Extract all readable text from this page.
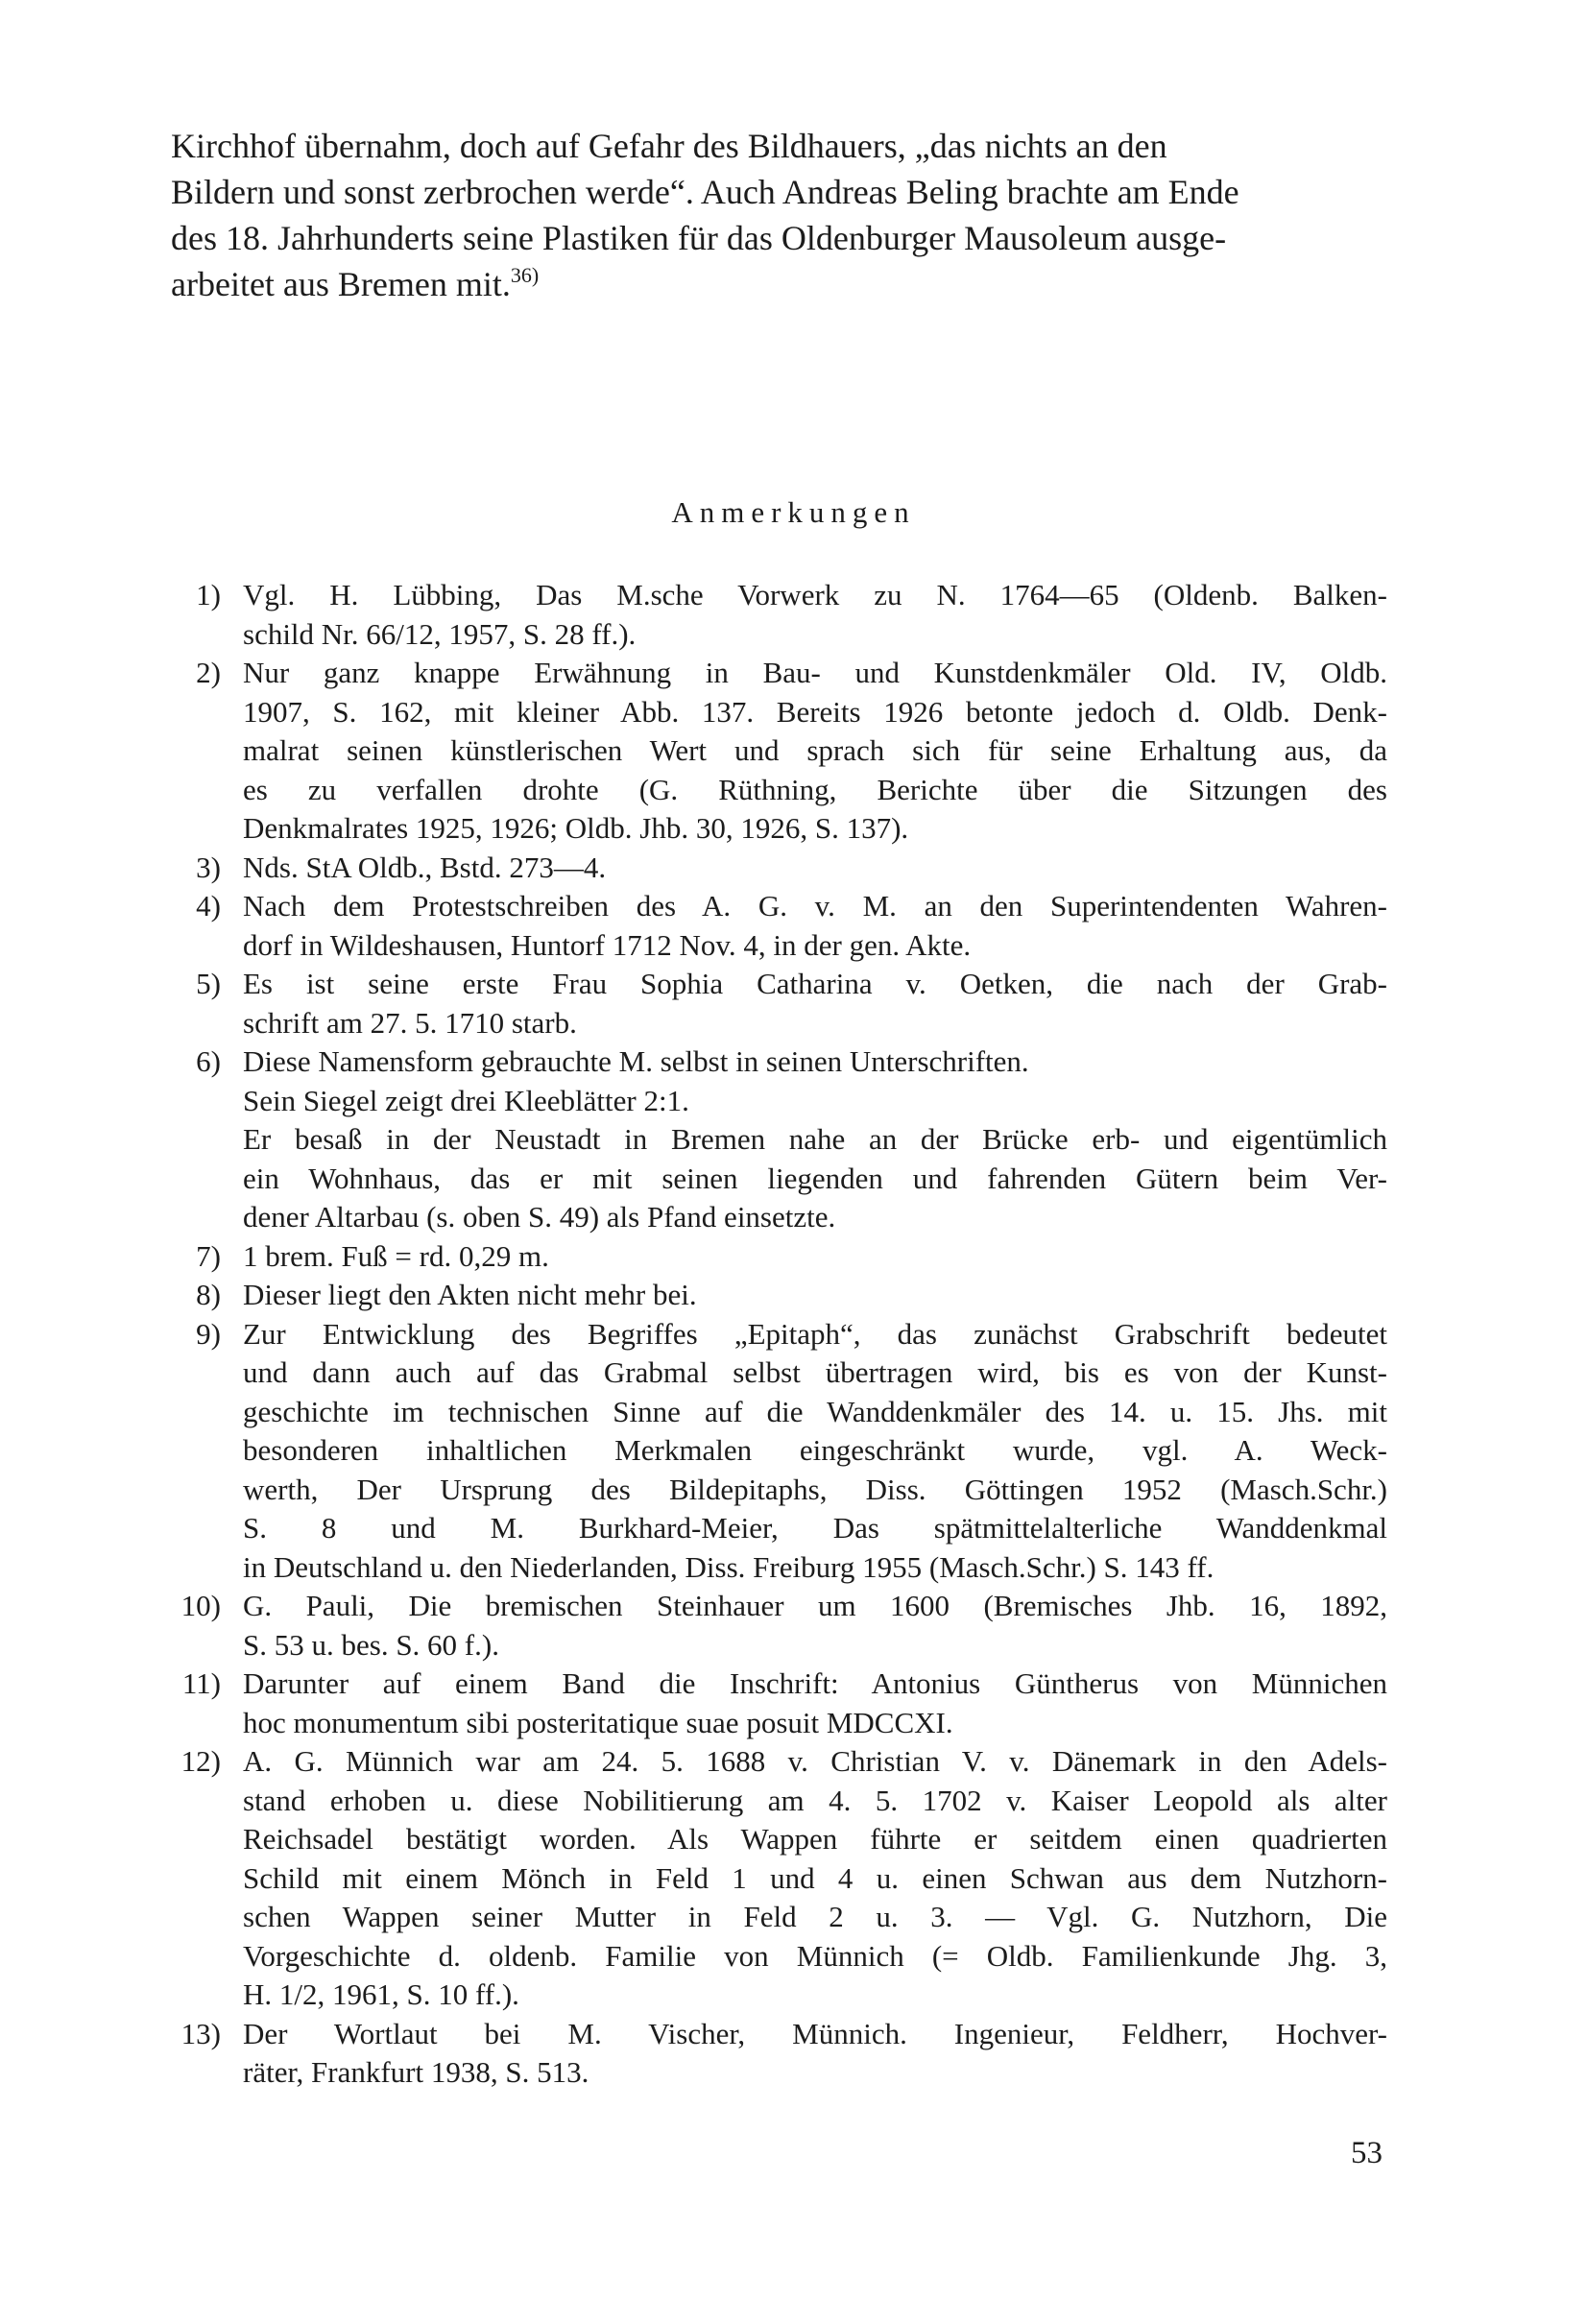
Kirchhof übernahm, doch auf Gefahr des Bildhauers, „das nichts an den
Bildern und sonst zerbrochen werde“. Auch Andreas Beling brachte am Ende
des 18. Jahrhunderts seine Plastiken für das Oldenburger Mausoleum ausge-
arbeitet aus Bremen mit.$^{36)}$

Anmerkungen
1) Vgl. H. Lübbing, Das M.sche Vorwerk zu N. 1764—65 (Oldenb. Balken-
schild Nr. 66/12, 1957, S. 28 ff.).
2) Nur ganz knappe Erwähnung in Bau- und Kunstdenkmäler Old. IV, Oldb.
1907, S. 162, mit kleiner Abb. 137. Bereits 1926 betonte jedoch d. Oldb. Denk-
malrat seinen künstlerischen Wert und sprach sich für seine Erhaltung aus, da
es zu verfallen drohte (G. Rüthning, Berichte über die Sitzungen des
Denkmalrates 1925, 1926; Oldb. Jhb. 30, 1926, S. 137).
3) Nds. StA Oldb., Bstd. 273—4.
4) Nach dem Protestschreiben des A. G. v. M. an den Superintendenten Wahren-
dorf in Wildeshausen, Huntorf 1712 Nov. 4, in der gen. Akte.
5) Es ist seine erste Frau Sophia Catharina v. Oetken, die nach der Grab-
schrift am 27. 5. 1710 starb.
6) Diese Namensform gebrauchte M. selbst in seinen Unterschriften.
Sein Siegel zeigt drei Kleeblätter 2:1.
Er besaß in der Neustadt in Bremen nahe an der Brücke erb- und eigentümlich
ein Wohnhaus, das er mit seinen liegenden und fahrenden Gütern beim Ver-
dener Altarbau (s. oben S. 49) als Pfand einsetzte.
7) 1 brem. Fuß = rd. 0,29 m.
8) Dieser liegt den Akten nicht mehr bei.
9) Zur Entwicklung des Begriffes „Epitaph“, das zunächst Grabschrift bedeutet
und dann auch auf das Grabmal selbst übertragen wird, bis es von der Kunst-
geschichte im technischen Sinne auf die Wanddenkmäler des 14. u. 15. Jhs. mit
besonderen inhaltlichen Merkmalen eingeschränkt wurde, vgl. A. Weck-
werth, Der Ursprung des Bildepitaphs, Diss. Göttingen 1952 (Masch.Schr.)
S. 8 und M. Burkhard-Meier, Das spätmittelalterliche Wanddenkmal
in Deutschland u. den Niederlanden, Diss. Freiburg 1955 (Masch.Schr.) S. 143 ff.
10) G. Pauli, Die bremischen Steinhauer um 1600 (Bremisches Jhb. 16, 1892,
S. 53 u. bes. S. 60 f.).
11) Darunter auf einem Band die Inschrift: Antonius Güntherus von Münnichen
hoc monumentum sibi posteritatique suae posuit MDCCXI.
12) A. G. Münnich war am 24. 5. 1688 v. Christian V. v. Dänemark in den Adels-
stand erhoben u. diese Nobilitierung am 4. 5. 1702 v. Kaiser Leopold als alter
Reichsadel bestätigt worden. Als Wappen führte er seitdem einen quadrierten
Schild mit einem Mönch in Feld 1 und 4 u. einen Schwan aus dem Nutzhorn-
schen Wappen seiner Mutter in Feld 2 u. 3. — Vgl. G. Nutzhorn, Die
Vorgeschichte d. oldenb. Familie von Münnich (= Oldb. Familienkunde Jhg. 3,
H. 1/2, 1961, S. 10 ff.).
13) Der Wortlaut bei M. Vischer, Münnich. Ingenieur, Feldherr, Hochver-
räter, Frankfurt 1938, S. 513.
53
